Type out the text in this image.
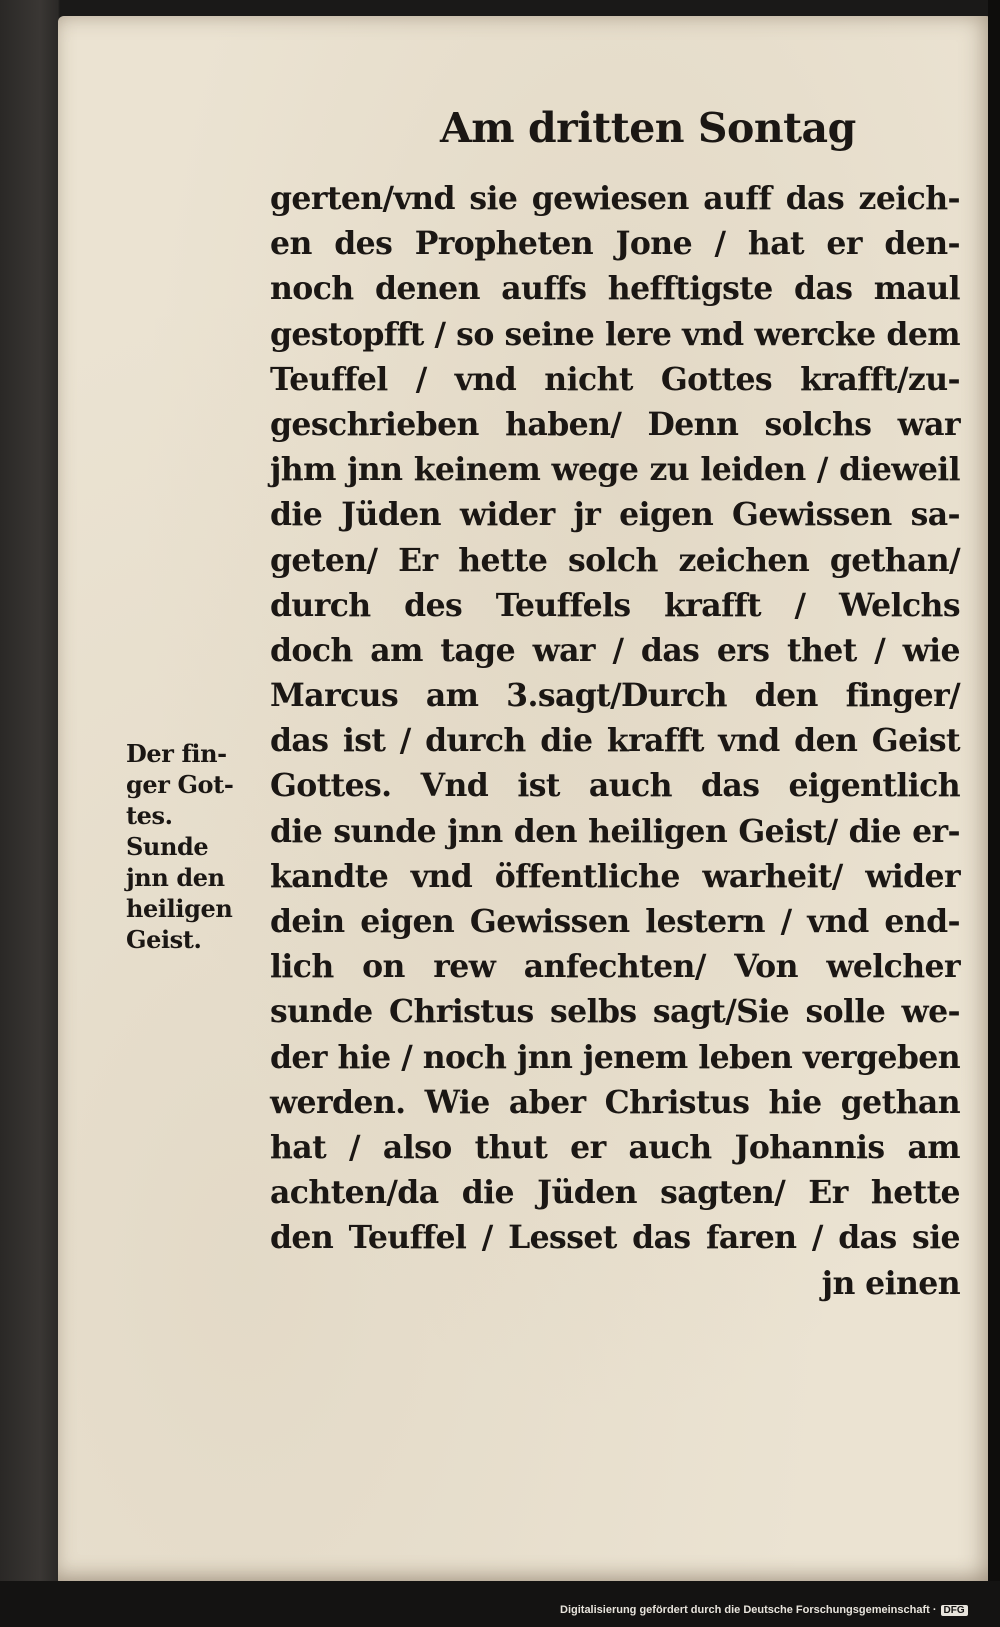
Am dritten Sontag
gerten/vnd sie gewiesen auff das zeich-
en des Propheten Jone / hat er den-
noch denen auffs hefftigste das maul
gestopfft / so seine lere vnd wercke dem
Teuffel / vnd nicht Gottes krafft/zu-
geschrieben haben/ Denn solchs war
jhm jnn keinem wege zu leiden / dieweil
die Jüden wider jr eigen Gewissen sa-
geten/ Er hette solch zeichen gethan/
durch des Teuffels krafft / Welchs
doch am tage war / das ers thet / wie
Marcus am 3.sagt/Durch den finger/
das ist / durch die krafft vnd den Geist
Gottes. Vnd ist auch das eigentlich
die sunde jnn den heiligen Geist/ die er-
kandte vnd öffentliche warheit/ wider
dein eigen Gewissen lestern / vnd end-
lich on rew anfechten/ Von welcher
sunde Christus selbs sagt/Sie solle we-
der hie / noch jnn jenem leben vergeben
werden. Wie aber Christus hie gethan
hat / also thut er auch Johannis am
achten/da die Jüden sagten/ Er hette
den Teuffel / Lesset das faren / das sie
jn einen
Der fin-
ger Got-
tes.
Sunde
jnn den
heiligen
Geist.
Digitalisierung gefördert durch die Deutsche Forschungsgemeinschaft · DFG
